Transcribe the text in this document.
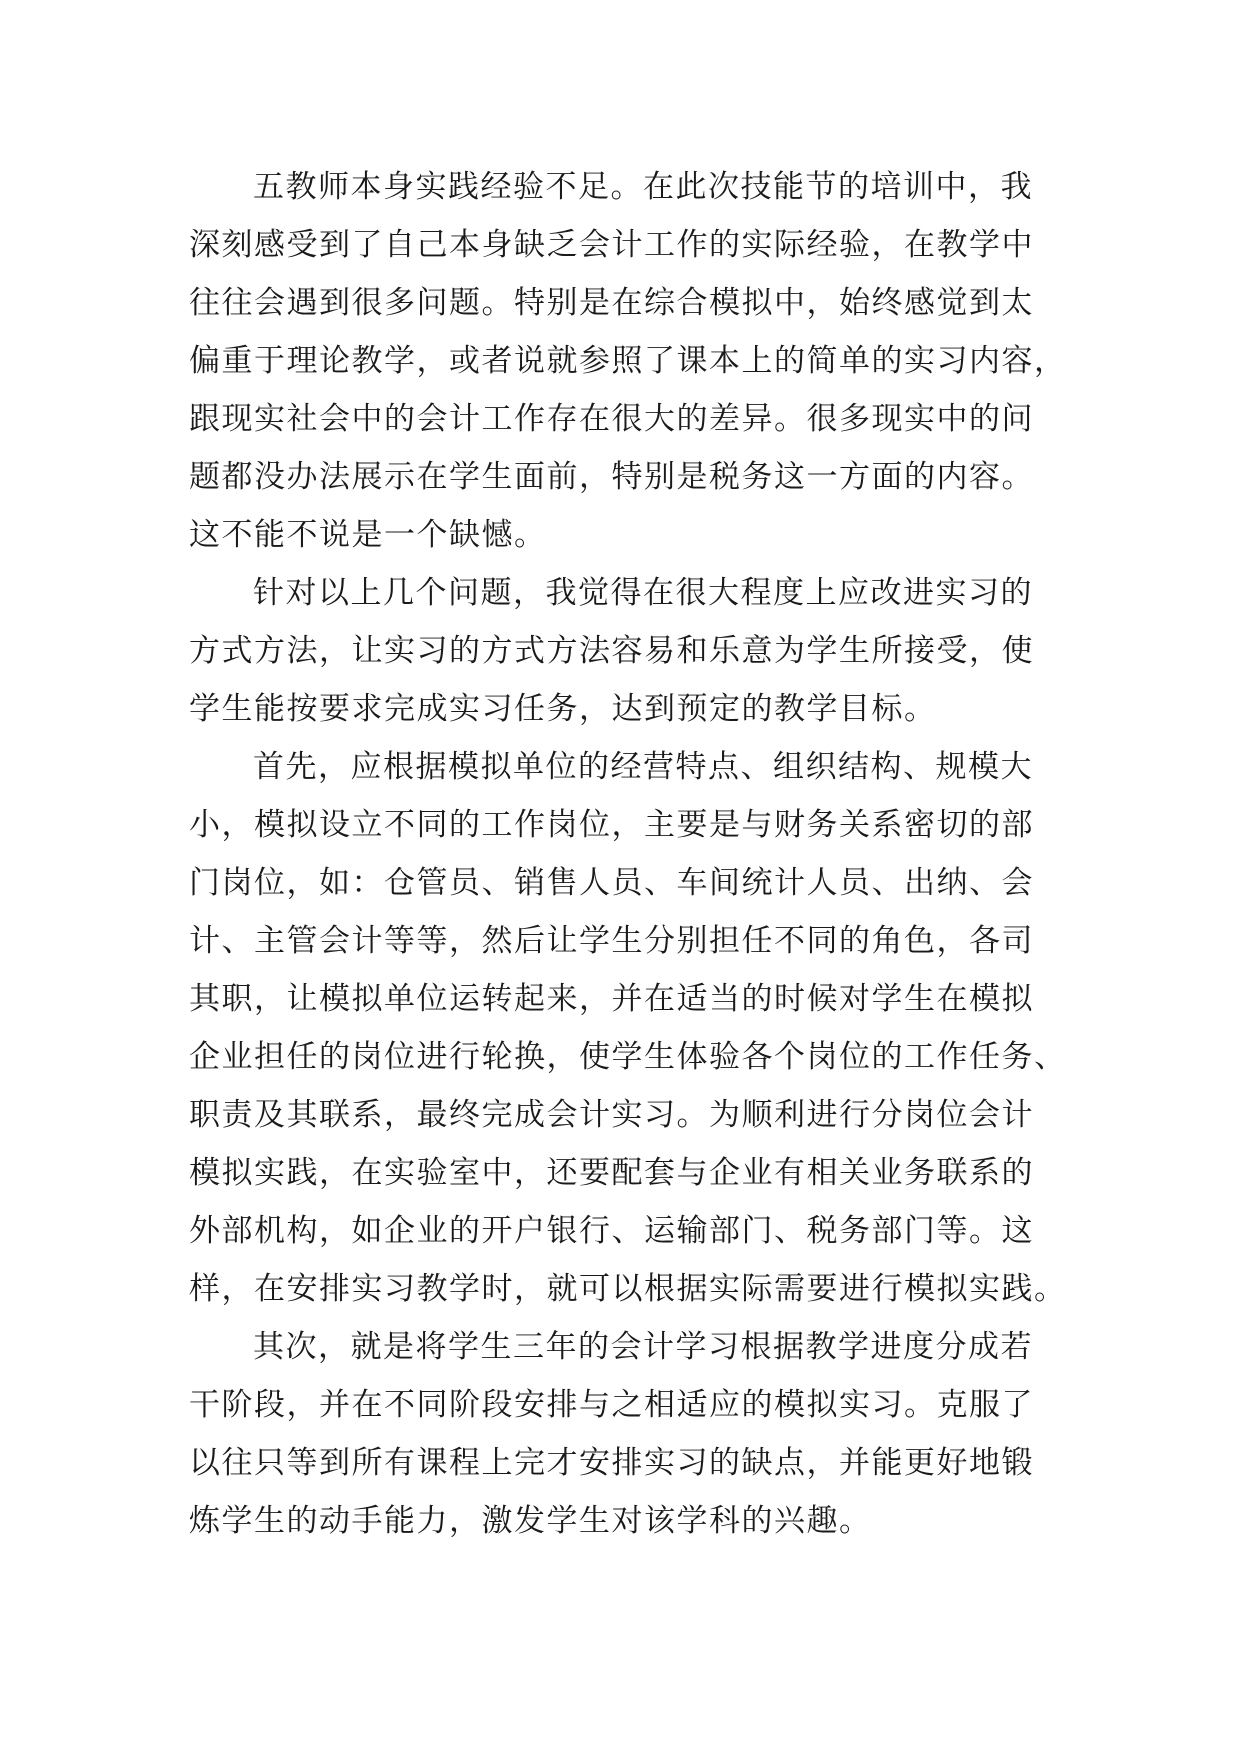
五教师本身实践经验不足。在此次技能节的培训中，我
深刻感受到了自己本身缺乏会计工作的实际经验，在教学中
往往会遇到很多问题。特别是在综合模拟中，始终感觉到太
偏重于理论教学，或者说就参照了课本上的简单的实习内容，
跟现实社会中的会计工作存在很大的差异。很多现实中的问
题都没办法展示在学生面前，特别是税务这一方面的内容。
这不能不说是一个缺憾。
针对以上几个问题，我觉得在很大程度上应改进实习的
方式方法，让实习的方式方法容易和乐意为学生所接受，使
学生能按要求完成实习任务，达到预定的教学目标。
首先，应根据模拟单位的经营特点、组织结构、规模大
小，模拟设立不同的工作岗位，主要是与财务关系密切的部
门岗位，如：仓管员、销售人员、车间统计人员、出纳、会
计、主管会计等等，然后让学生分别担任不同的角色，各司
其职，让模拟单位运转起来，并在适当的时候对学生在模拟
企业担任的岗位进行轮换，使学生体验各个岗位的工作任务、
职责及其联系，最终完成会计实习。为顺利进行分岗位会计
模拟实践，在实验室中，还要配套与企业有相关业务联系的
外部机构，如企业的开户银行、运输部门、税务部门等。这
样，在安排实习教学时，就可以根据实际需要进行模拟实践。
其次，就是将学生三年的会计学习根据教学进度分成若
干阶段，并在不同阶段安排与之相适应的模拟实习。克服了
以往只等到所有课程上完才安排实习的缺点，并能更好地锻
炼学生的动手能力，激发学生对该学科的兴趣。
